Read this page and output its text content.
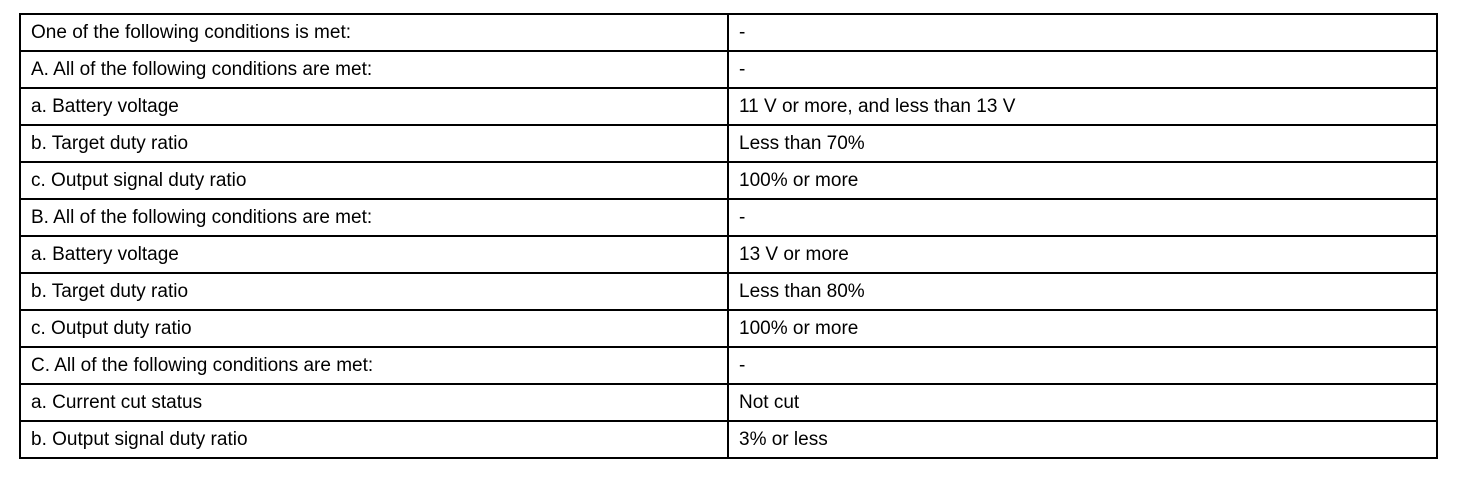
One of the following conditions is met:	-
A. All of the following conditions are met:	-
a. Battery voltage	11 V or more, and less than 13 V
b. Target duty ratio	Less than 70%
c. Output signal duty ratio	100% or more
B. All of the following conditions are met:	-
a. Battery voltage	13 V or more
b. Target duty ratio	Less than 80%
c. Output duty ratio	100% or more
C. All of the following conditions are met:	-
a. Current cut status	Not cut
b. Output signal duty ratio	3% or less
